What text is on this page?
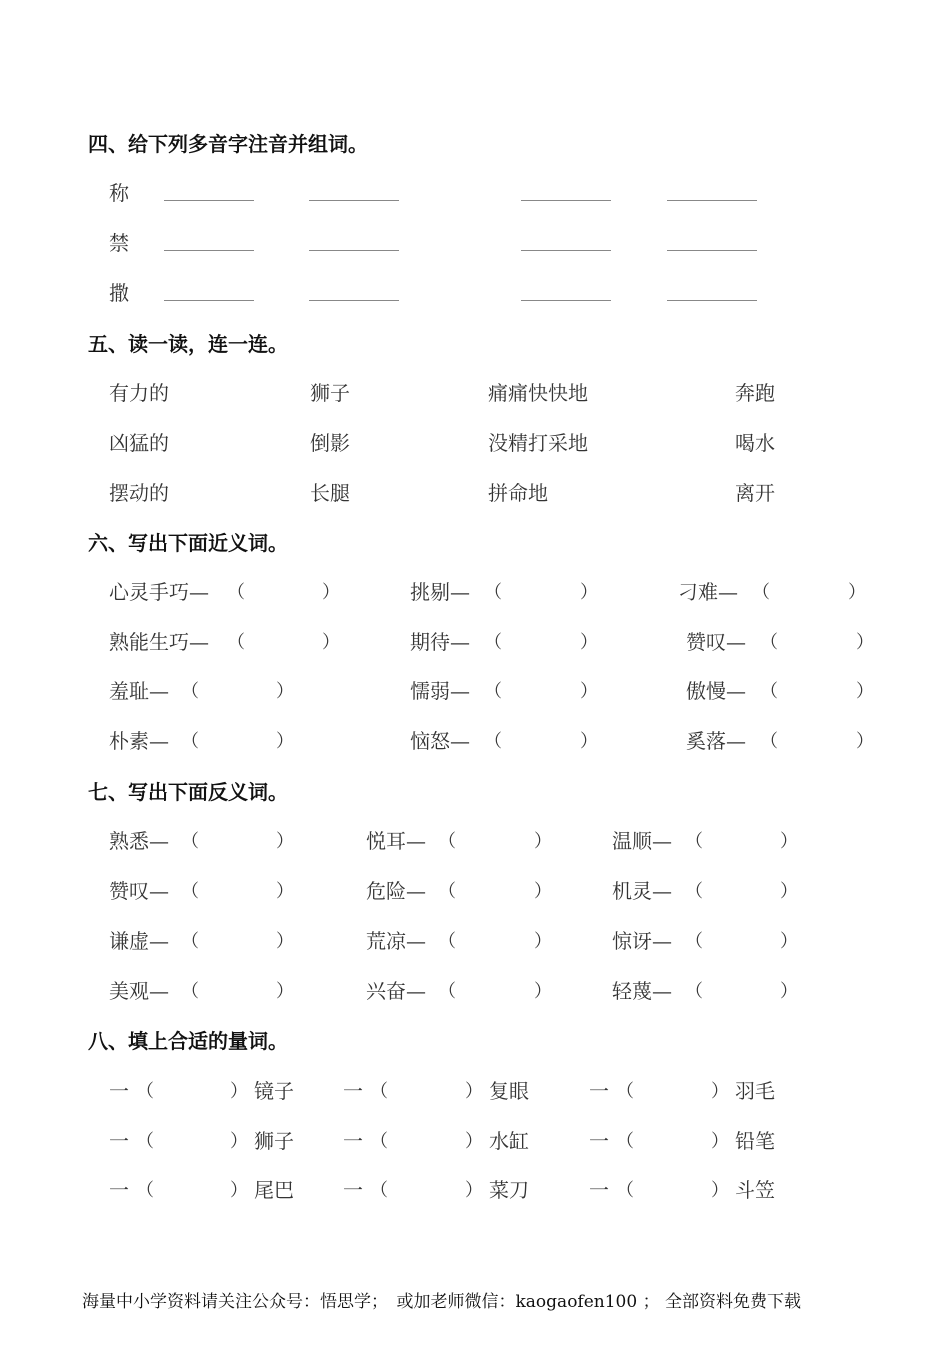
四、给下列多音字注音并组词。
称
禁
撒
五、读一读，连一连。
有力的	狮子	痛痛快快地	奔跑
凶猛的	倒影	没精打采地	喝水
摆动的	长腿	拼命地	离开
六、写出下面近义词。
心灵手巧— （	）	挑剔— （	）	刁难— （	）
熟能生巧— （	）	期待— （	）	赞叹— （	）
羞耻— （	）	懦弱— （	）	傲慢— （	）
朴素— （	）	恼怒— （	）	奚落— （	）
七、写出下面反义词。
熟悉— （	）	悦耳— （	）	温顺— （	）
赞叹— （	）	危险— （	）	机灵— （	）
谦虚— （	）	荒凉— （	）	惊讶— （	）
美观— （	）	兴奋— （	）	轻蔑— （	）
八、填上合适的量词。
一 （	） 镜子 一 （	） 复眼	一 （	） 羽毛
一 （	） 狮子 一 （	） 水缸	一 （	） 铅笔
一 （	） 尾巴 一 （	） 菜刀	一 （	） 斗笠
海量中小学资料请关注公众号：悟思学；　或加老师微信：kaogaofen100 ； 全部资料免费下载
